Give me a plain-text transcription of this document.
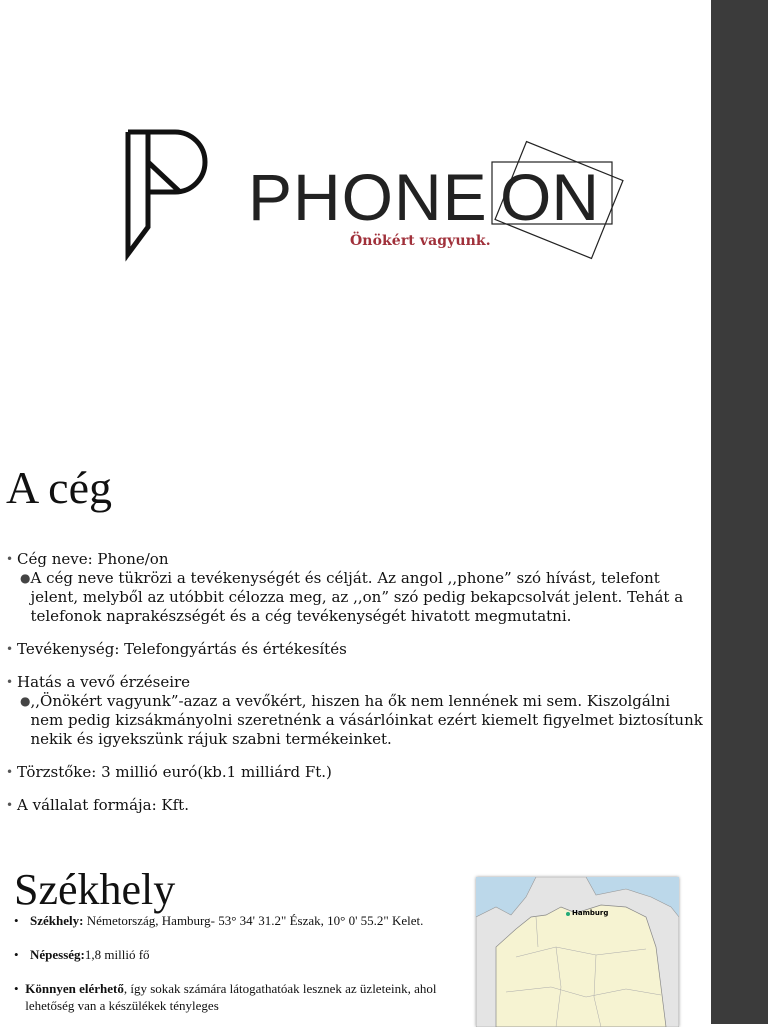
PHONE ON
Önökért vagyunk.
A cég
• Cég neve: Phone/on
● A cég neve tükrözi a tevékenységét és célját. Az angol ,,phone” szó hívást, telefont jelent, melyből az utóbbit célozza meg, az ,,on” szó pedig bekapcsolvát jelent. Tehát a telefonok naprakészségét és a cég tevékenységét hivatott megmutatni.
• Tevékenység: Telefongyártás és értékesítés
• Hatás a vevő érzéseire
● ,,Önökért vagyunk”-azaz a vevőkért, hiszen ha ők nem lennének mi sem. Kiszolgálni nem pedig kizsákmányolni szeretnénk a vásárlóinkat ezért kiemelt figyelmet biztosítunk nekik és igyekszünk rájuk szabni termékeinket.
• Törzstőke: 3 millió euró(kb.1 milliárd Ft.)
• A vállalat formája: Kft.
Székhely
• Székhely: Németország, Hamburg- 53° 34' 31.2" Észak, 10° 0' 55.2" Kelet.
• Népesség:1,8 millió fő
• Könnyen elérhető, így sokak számára látogathatóak lesznek az üzleteink, ahol lehetőség van a készülékek tényleges
Hamburg
